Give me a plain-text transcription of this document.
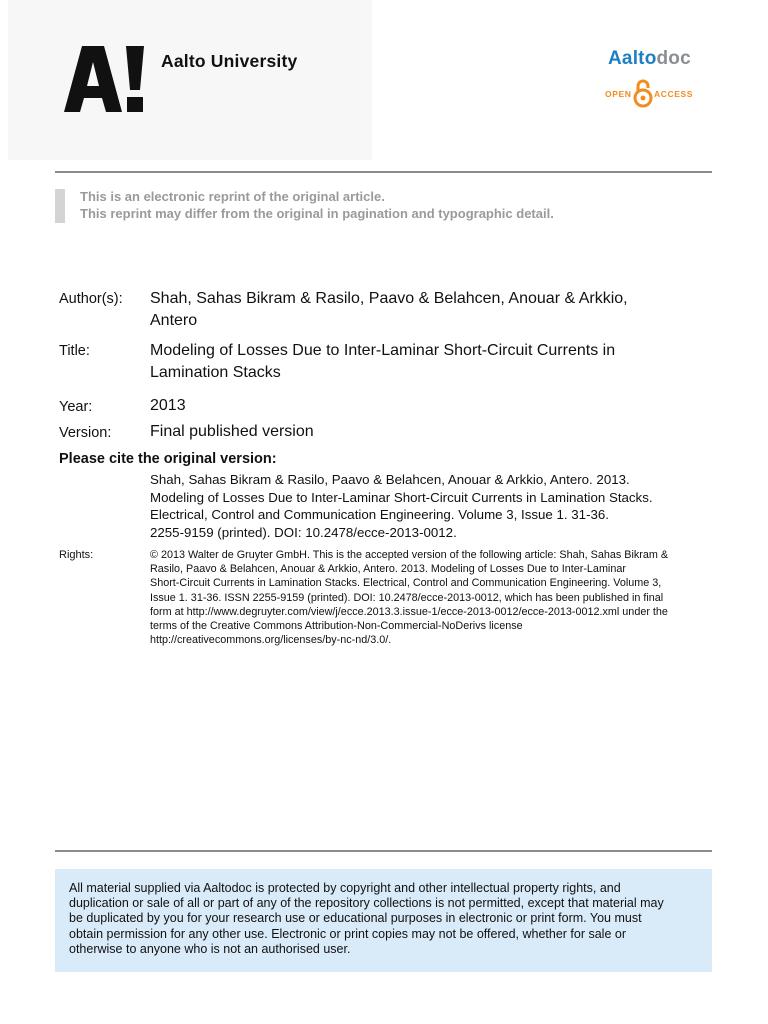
Aalto University	Aaltodoc
OPEN	ACCESS
This is an electronic reprint of the original article.
This reprint may differ from the original in pagination and typographic detail.
Author(s): Shah, Sahas Bikram & Rasilo, Paavo & Belahcen, Anouar & Arkkio,
Antero
Title:	Modeling of Losses Due to Inter-Laminar Short-Circuit Currents in
Lamination Stacks
Year:	2013
Version: Final published version
Please cite the original version:
Shah, Sahas Bikram & Rasilo, Paavo & Belahcen, Anouar & Arkkio, Antero. 2013.
Modeling of Losses Due to Inter-Laminar Short-Circuit Currents in Lamination Stacks.
Electrical, Control and Communication Engineering. Volume 3, Issue 1. 31-36.
2255-9159 (printed). DOI: 10.2478/ecce-2013-0012.
Rights:	© 2013 Walter de Gruyter GmbH. This is the accepted version of the following article: Shah, Sahas Bikram &
Rasilo, Paavo & Belahcen, Anouar & Arkkio, Antero. 2013. Modeling of Losses Due to Inter-Laminar
Short-Circuit Currents in Lamination Stacks. Electrical, Control and Communication Engineering. Volume 3,
Issue 1. 31-36. ISSN 2255-9159 (printed). DOI: 10.2478/ecce-2013-0012, which has been published in final
form at http://www.degruyter.com/view/j/ecce.2013.3.issue-1/ecce-2013-0012/ecce-2013-0012.xml under the
terms of the Creative Commons Attribution-Non-Commercial-NoDerivs license
http://creativecommons.org/licenses/by-nc-nd/3.0/.
All material supplied via Aaltodoc is protected by copyright and other intellectual property rights, and
duplication or sale of all or part of any of the repository collections is not permitted, except that material may
be duplicated by you for your research use or educational purposes in electronic or print form. You must
obtain permission for any other use. Electronic or print copies may not be offered, whether for sale or
otherwise to anyone who is not an authorised user.
